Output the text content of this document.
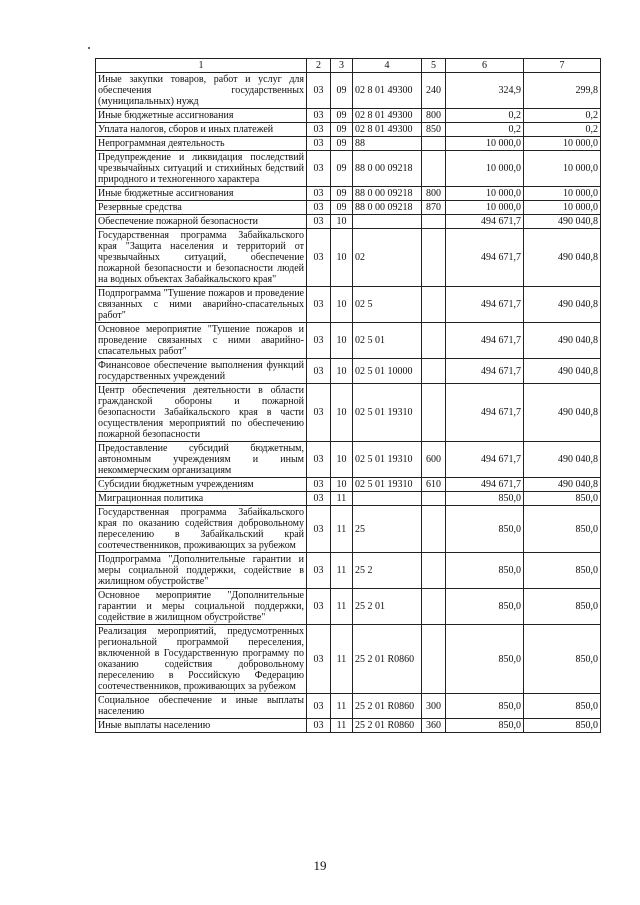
1	2	3	4	5	6	7
Иные закупки товаров, работ и услуг для обеспечения государственных (муниципальных) нужд	03	09	02 8 01 49300	240	324,9	299,8
Иные бюджетные ассигнования	03	09	02 8 01 49300	800	0,2	0,2
Уплата налогов, сборов и иных платежей	03	09	02 8 01 49300	850	0,2	0,2
Непрограммная деятельность	03	09	88		10 000,0	10 000,0
Предупреждение и ликвидация последствий чрезвычайных ситуаций и стихийных бедствий природного и техногенного характера	03	09	88 0 00 09218		10 000,0	10 000,0
Иные бюджетные ассигнования	03	09	88 0 00 09218	800	10 000,0	10 000,0
Резервные средства	03	09	88 0 00 09218	870	10 000,0	10 000,0
Обеспечение пожарной безопасности	03	10			494 671,7	490 040,8
Государственная программа Забайкальского края "Защита населения и территорий от чрезвычайных ситуаций, обеспечение пожарной безопасности и безопасности людей на водных объектах Забайкальского края"	03	10	02		494 671,7	490 040,8
Подпрограмма "Тушение пожаров и проведение связанных с ними аварийно-спасательных работ"	03	10	02 5		494 671,7	490 040,8
Основное мероприятие "Тушение пожаров и проведение связанных с ними аварийно-спасательных работ"	03	10	02 5 01		494 671,7	490 040,8
Финансовое обеспечение выполнения функций государственных учреждений	03	10	02 5 01 10000		494 671,7	490 040,8
Центр обеспечения деятельности в области гражданской обороны и пожарной безопасности Забайкальского края в части осуществления мероприятий по обеспечению пожарной безопасности	03	10	02 5 01 19310		494 671,7	490 040,8
Предоставление субсидий бюджетным, автономным учреждениям и иным некоммерческим организациям	03	10	02 5 01 19310	600	494 671,7	490 040,8
Субсидии бюджетным учреждениям	03	10	02 5 01 19310	610	494 671,7	490 040,8
Миграционная политика	03	11			850,0	850,0
Государственная программа Забайкальского края по оказанию содействия добровольному переселению в Забайкальский край соотечественников, проживающих за рубежом	03	11	25		850,0	850,0
Подпрограмма "Дополнительные гарантии и меры социальной поддержки, содействие в жилищном обустройстве"	03	11	25 2		850,0	850,0
Основное мероприятие "Дополнительные гарантии и меры социальной поддержки, содействие в жилищном обустройстве"	03	11	25 2 01		850,0	850,0
Реализация мероприятий, предусмотренных региональной программой переселения, включенной в Государственную программу по оказанию содействия добровольному переселению в Российскую Федерацию соотечественников, проживающих за рубежом	03	11	25 2 01 R0860		850,0	850,0
Социальное обеспечение и иные выплаты населению	03	11	25 2 01 R0860	300	850,0	850,0
Иные выплаты населению	03	11	25 2 01 R0860	360	850,0	850,0
19
